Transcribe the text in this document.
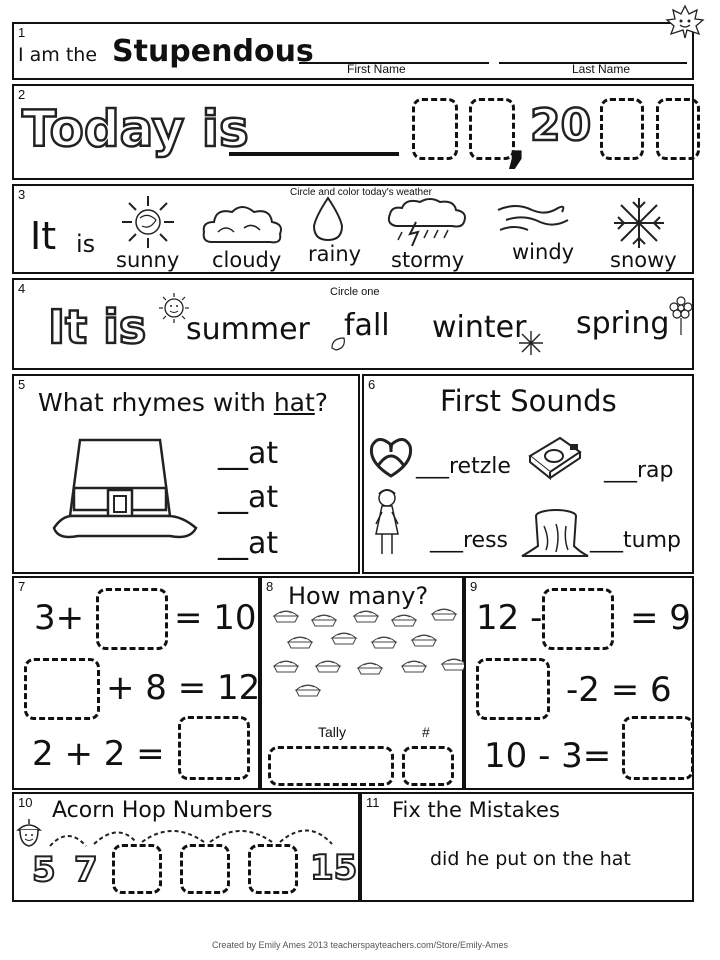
1
I am the Stupendous	First Name	Last Name
2
Today is	, 20
3	Circle and color today's weather
It is
sunny cloudy rainy stormy windy snowy
4	Circle one
It is summer fall winter spring
5
What rhymes with hat?
__at
__at
__at
6 First Sounds
___retzle	___rap
___ress	___tump
7
3+	= 10
+ 8 = 12
2 + 2 =
8 How many?
Tally	#
9
12 -	= 9
-2 = 6
10 - 3=
10 Acorn Hop Numbers
5 7	15
11 Fix the Mistakes
did he put on the hat
Created by Emily Ames 2013 teacherspayteachers.com/Store/Emily-Ames
